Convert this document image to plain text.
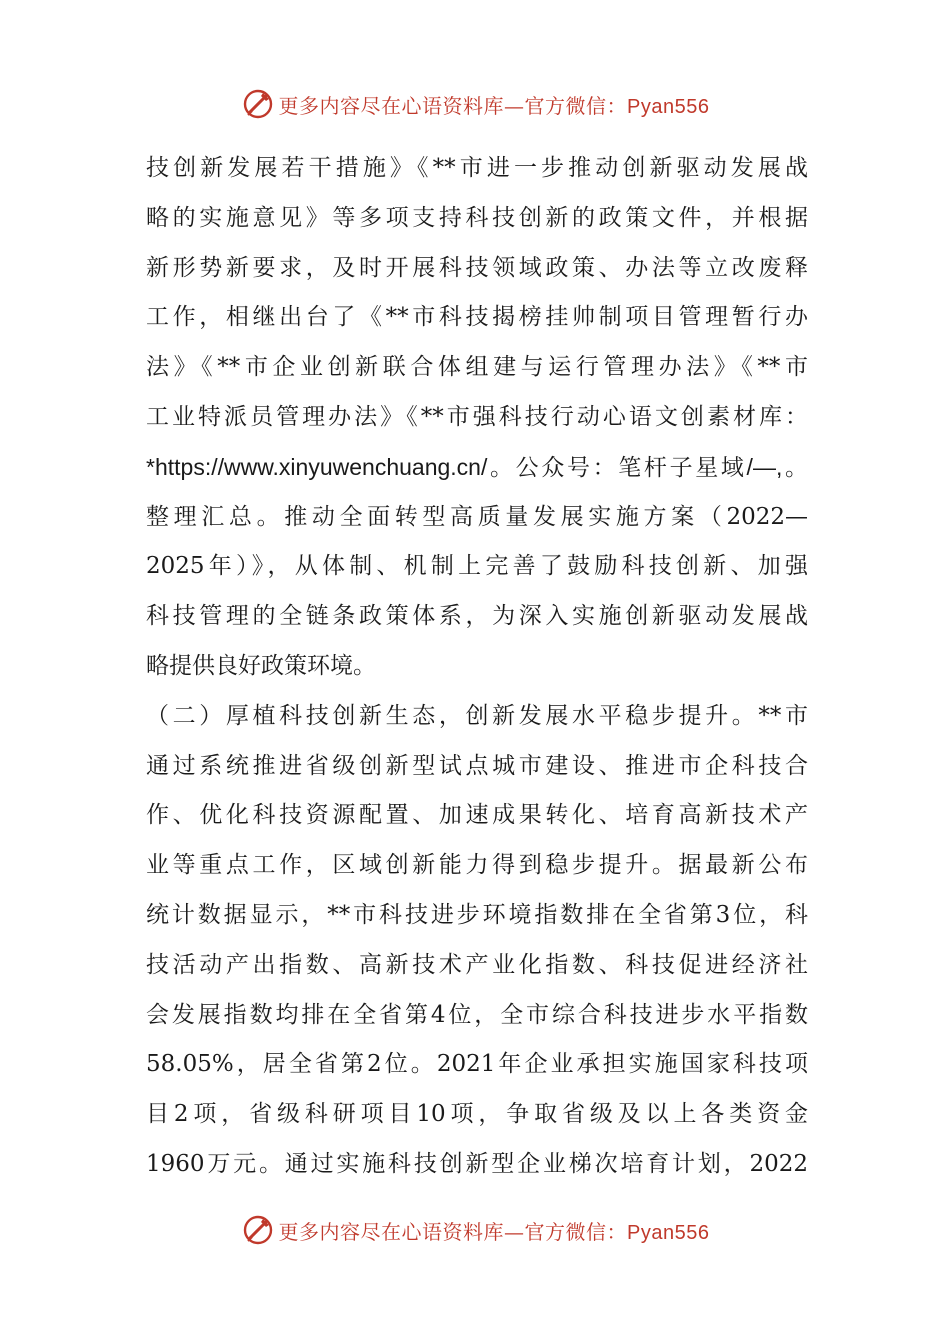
更多内容尽在心语资料库—官方微信：Pyan556
技创新发展若干措施》《**市进一步推动创新驱动发展战
略的实施意见》等多项支持科技创新的政策文件，并根据
新形势新要求，及时开展科技领域政策、办法等立改废释
工作，相继出台了《**市科技揭榜挂帅制项目管理暂行办
法》《**市企业创新联合体组建与运行管理办法》《**市
工业特派员管理办法》《**市强科技行动心语文创素材库：
*https://www.xinyuwenchuang.cn/。公众号：笔杆子星域/—,。
整理汇总。推动全面转型高质量发展实施方案（2022—
2025年）》，从体制、机制上完善了鼓励科技创新、加强
科技管理的全链条政策体系，为深入实施创新驱动发展战
略提供良好政策环境。
（二）厚植科技创新生态，创新发展水平稳步提升。**市
通过系统推进省级创新型试点城市建设、推进市企科技合
作、优化科技资源配置、加速成果转化、培育高新技术产
业等重点工作，区域创新能力得到稳步提升。据最新公布
统计数据显示，**市科技进步环境指数排在全省第3位，科
技活动产出指数、高新技术产业化指数、科技促进经济社
会发展指数均排在全省第4位，全市综合科技进步水平指数
58.05%，居全省第2位。2021年企业承担实施国家科技项
目2项，省级科研项目10项，争取省级及以上各类资金
1960万元。通过实施科技创新型企业梯次培育计划，2022
更多内容尽在心语资料库—官方微信：Pyan556
